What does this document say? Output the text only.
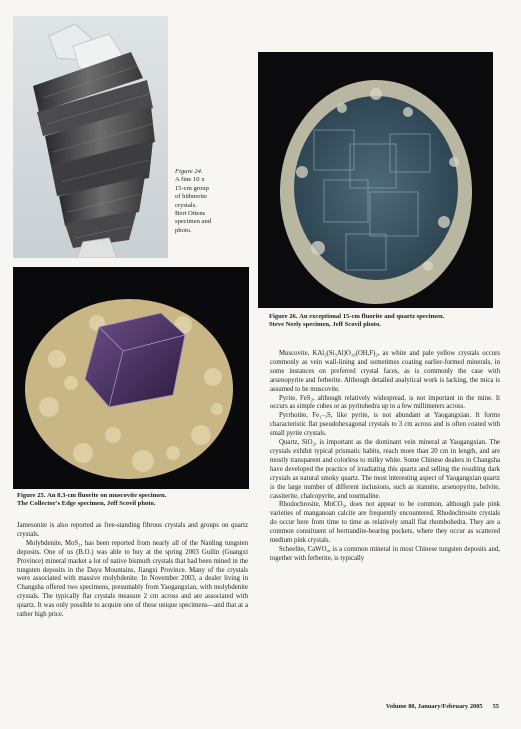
Figure 24.
A fine 10 x
15-cm group
of hübnerite
crystals.
Bert Ottens
specimen and
photo.
Figure 26. An exceptional 15-cm fluorite and quartz specimen.
Steve Neely specimen, Jeff Scovil photo.
Figure 25. An 8.3-cm fluorite on muscovite specimen.
The Collector's Edge specimen, Jeff Scovil photo.

Jamesonite is also reported as free-standing fibrous crystals and groups on quartz crystals.

Molybdenite, MoS₂, has been reported from nearly all of the Nanling tungsten deposits. One of us (B.O.) was able to buy at the spring 2003 Guilin (Guangxi Province) mineral market a lot of native bismuth crystals that had been mined in the tungsten deposits in the Dayu Mountains, Jiangxi Province. Many of the crystals were associated with massive molybdenite. In November 2003, a dealer living in Changsha offered two specimens, presumably from Yaogangxian, with molybdenite crystals. The typically flat crystals measure 2 cm across and are associated with quartz. It was only possible to acquire one of these unique specimens—and that at a rather high price.

Muscovite, KAl₂(Si₃Al)O₁₀(OH,F)₂, as white and pale yellow crystals occurs commonly as vein wall-lining and sometimes coating earlier-formed minerals, in some instances on preferred crystal faces, as is commonly the case with arsenopyrite and ferberite. Although detailed analytical work is lacking, the mica is assumed to be muscovite.

Pyrite, FeS₂, although relatively widespread, is not important in the mine. It occurs as simple cubes or as pyritohedra up to a few millimeters across.

Pyrrhotite, Fe₁₋ₓS, like pyrite, is not abundant at Yaogangxian. It forms characteristic flat pseudohexagonal crystals to 3 cm across and is often coated with small pyrite crystals.

Quartz, SiO₂, is important as the dominant vein mineral at Yaogangxian. The crystals exhibit typical prismatic habits, reach more than 20 cm in length, and are mostly transparent and colorless to milky white. Some Chinese dealers in Changsha have developed the practice of irradiating this quartz and selling the resulting dark crystals as natural smoky quartz. The most interesting aspect of Yaogangxian quartz is the large number of different inclusions, such as stannite, arsenopyrite, helvite, cassiterite, chalcopyrite, and tourmaline.

Rhodochrosite, MnCO₃, does not appear to be common, although pale pink varieties of manganoan calcite are frequently encountered. Rhodochrosite crystals do occur here from time to time as relatively small flat rhombohedra. They are a common constituent of bertrandite-bearing pockets, where they occur as scattered medium pink crystals.

Scheelite, CaWO₄, is a common mineral in most Chinese tungsten deposits and, together with ferberite, is typically

Volume 80, January/February 2005 55
